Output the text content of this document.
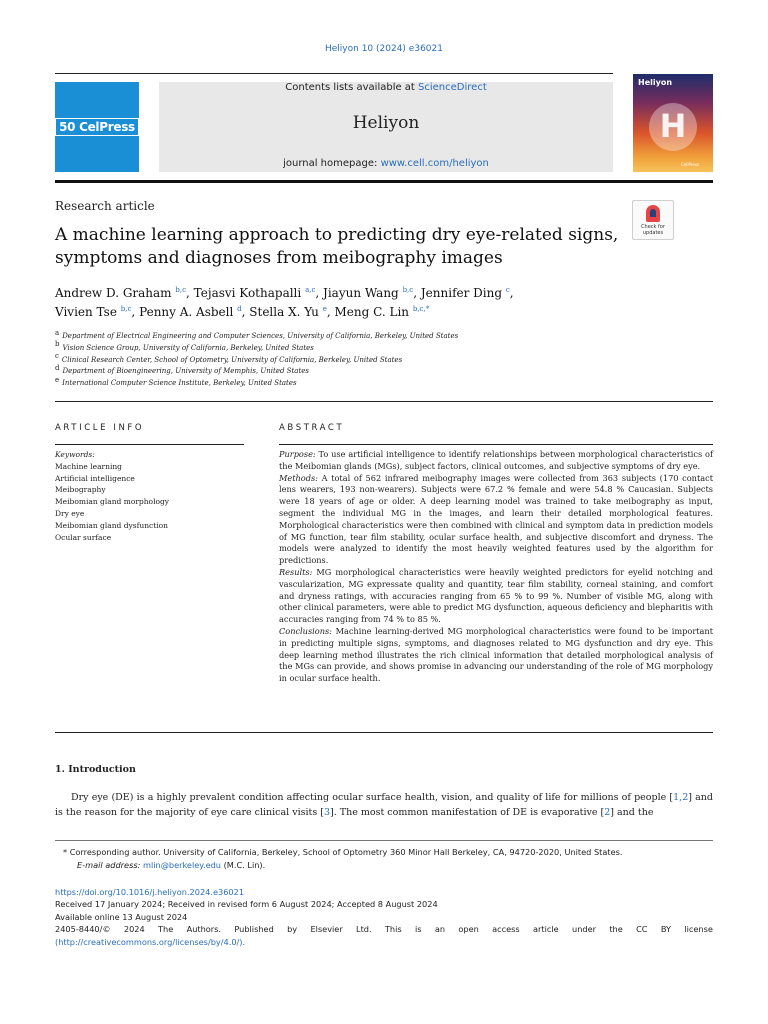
Heliyon 10 (2024) e36021
50 CelPress
Contents lists available at ScienceDirect
Heliyon
journal homepage: www.cell.com/heliyon
Heliyon
H
CellPress
Research article
Check for updates
A machine learning approach to predicting dry eye-related signs, symptoms and diagnoses from meibography images
Andrew D. Graham $^{b,c}$, Tejasvi Kothapalli $^{a,c}$, Jiayun Wang $^{b,c}$, Jennifer Ding $^c$,
Vivien Tse $^{b,c}$, Penny A. Asbell $^d$, Stella X. Yu $^e$, Meng C. Lin $^{b,c,*}$
$^a$ Department of Electrical Engineering and Computer Sciences, University of California, Berkeley, United States
$^b$ Vision Science Group, University of California, Berkeley, United States
$^c$ Clinical Research Center, School of Optometry, University of California, Berkeley, United States
$^d$ Department of Bioengineering, University of Memphis, United States
$^e$ International Computer Science Institute, Berkeley, United States
ARTICLE INFO	ABSTRACT
Keywords:
Machine learning
Artificial intelligence
Meibography
Meibomian gland morphology
Dry eye
Meibomian gland dysfunction
Ocular surface

Purpose: To use artificial intelligence to identify relationships between morphological characteristics of the Meibomian glands (MGs), subject factors, clinical outcomes, and subjective symptoms of dry eye.

Methods: A total of 562 infrared meibography images were collected from 363 subjects (170 contact lens wearers, 193 non-wearers). Subjects were 67.2 % female and were 54.8 % Caucasian. Subjects were 18 years of age or older. A deep learning model was trained to take meibography as input, segment the individual MG in the images, and learn their detailed morphological features. Morphological characteristics were then combined with clinical and symptom data in prediction models of MG function, tear film stability, ocular surface health, and subjective discomfort and dryness. The models were analyzed to identify the most heavily weighted features used by the algorithm for predictions.

Results: MG morphological characteristics were heavily weighted predictors for eyelid notching and vascularization, MG expressate quality and quantity, tear film stability, corneal staining, and comfort and dryness ratings, with accuracies ranging from 65 % to 99 %. Number of visible MG, along with other clinical parameters, were able to predict MG dysfunction, aqueous deficiency and blepharitis with accuracies ranging from 74 % to 85 %.

Conclusions: Machine learning-derived MG morphological characteristics were found to be important in predicting multiple signs, symptoms, and diagnoses related to MG dysfunction and dry eye. This deep learning method illustrates the rich clinical information that detailed morphological analysis of the MGs can provide, and shows promise in advancing our understanding of the role of MG morphology in ocular surface health.

1. Introduction
Dry eye (DE) is a highly prevalent condition affecting ocular surface health, vision, and quality of life for millions of people [1,2] and is the reason for the majority of eye care clinical visits [3]. The most common manifestation of DE is evaporative [2] and the
* Corresponding author. University of California, Berkeley, School of Optometry 360 Minor Hall Berkeley, CA, 94720-2020, United States.
E-mail address: mlin@berkeley.edu (M.C. Lin).
https://doi.org/10.1016/j.heliyon.2024.e36021
Received 17 January 2024; Received in revised form 6 August 2024; Accepted 8 August 2024
Available online 13 August 2024
2405-8440/© 2024 The Authors. Published by Elsevier Ltd. This is an open access article under the CC BY license
(http://creativecommons.org/licenses/by/4.0/).
